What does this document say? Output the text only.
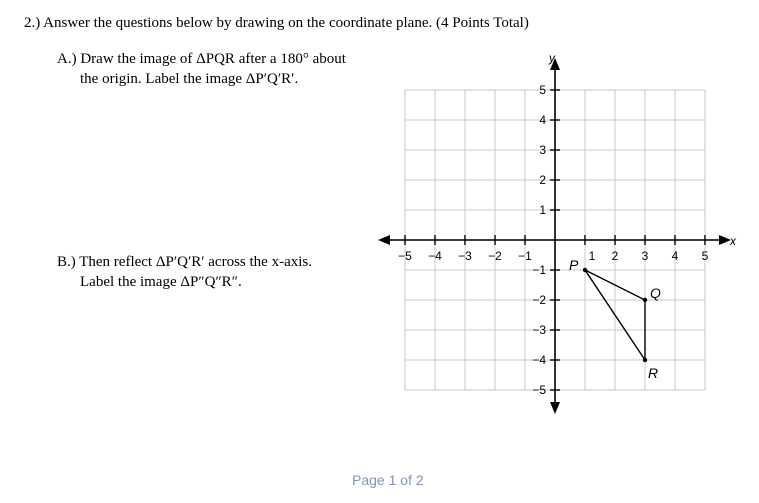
2.) Answer the questions below by drawing on the coordinate plane. (4 Points Total)
A.) Draw the image of ΔPQR after a 180° about
the origin. Label the image ΔP′Q′R′.
B.) Then reflect ΔP′Q′R′ across the x-axis.
Label the image ΔP″Q″R″.
x
y
−5 −4 −3 −2 −1	1 2 3 4 5
5
4
3
2
1
−1
−2
−3
−4
−5
P
Q
R
Page 1 of 2
